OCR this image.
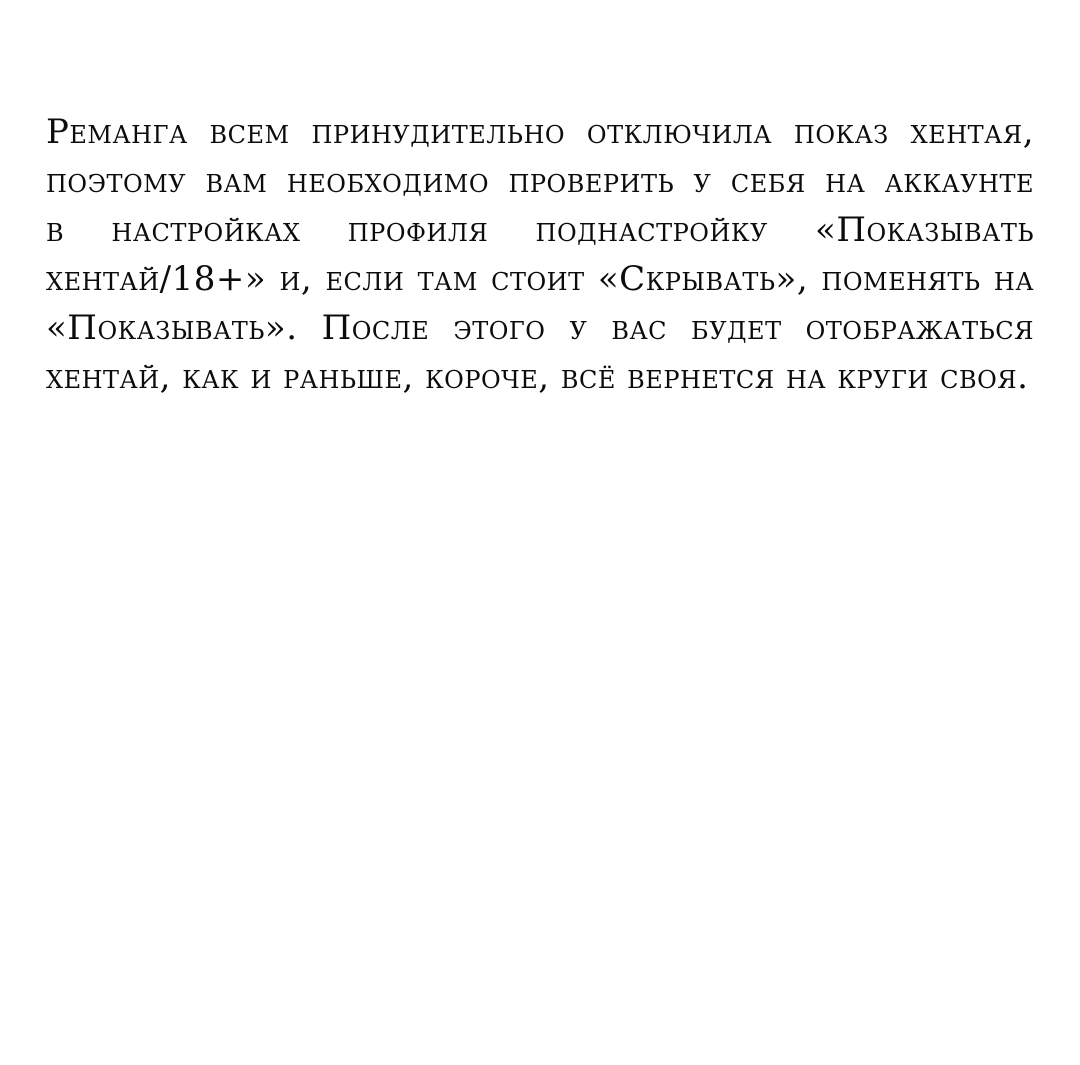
Реманга всем принудительно отключила показ хентая,
поэтому вам необходимо проверить у себя на аккаунте
в настройках профиля поднастройку «Показывать
хентай/18+» и, если там стоит «Скрывать», поменять на
«Показывать». После этого у вас будет отображаться
хентай, как и раньше, короче, всё вернется на круги своя.
